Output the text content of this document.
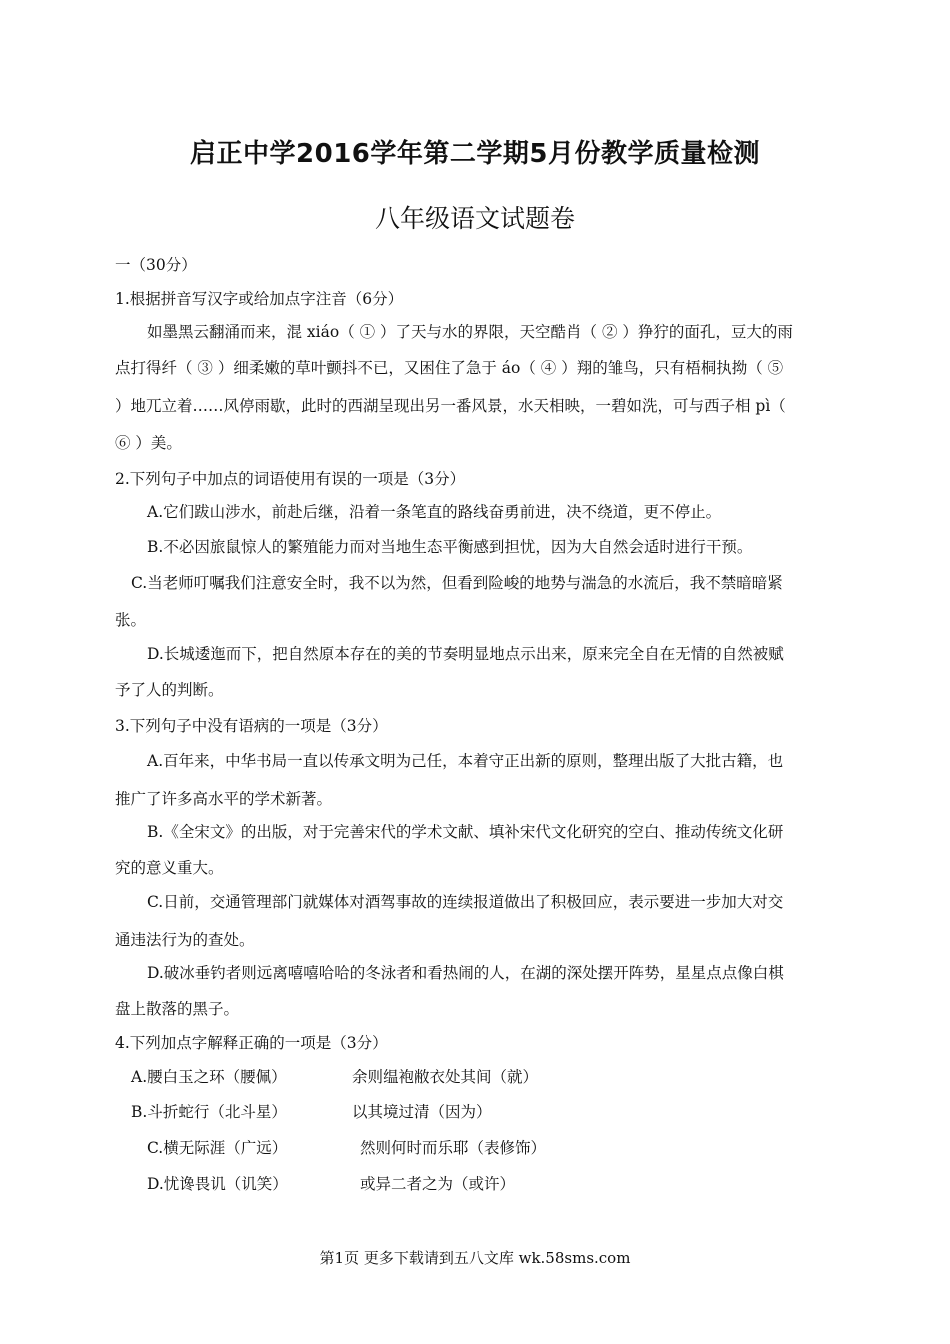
启正中学2016学年第二学期5月份教学质量检测
八年级语文试题卷
一（30分）
1.根据拼音写汉字或给加点字注音（6分）
如墨黑云翻涌而来，混 xiáo（ ① ）了天与水的界限，天空酷肖（ ② ）狰狞的面孔，豆大的雨
点打得纤（ ③ ）细柔嫩的草叶颤抖不已，又困住了急于 áo（ ④ ）翔的雏鸟，只有梧桐执拗（ ⑤
）地兀立着……风停雨歇，此时的西湖呈现出另一番风景，水天相映，一碧如洗，可与西子相 pì（
⑥ ）美。
2.下列句子中加点的词语使用有误的一项是（3分）
A.它们跋山涉水，前赴后继，沿着一条笔直的路线奋勇前进，决不绕道，更不停止。
B.不必因旅鼠惊人的繁殖能力而对当地生态平衡感到担忧，因为大自然会适时进行干预。
C.当老师叮嘱我们注意安全时，我不以为然，但看到险峻的地势与湍急的水流后，我不禁暗暗紧
张。
D.长城逶迤而下，把自然原本存在的美的节奏明显地点示出来，原来完全自在无情的自然被赋
予了人的判断。
3.下列句子中没有语病的一项是（3分）
A.百年来，中华书局一直以传承文明为己任，本着守正出新的原则，整理出版了大批古籍，也
推广了许多高水平的学术新著。
B.《全宋文》的出版，对于完善宋代的学术文献、填补宋代文化研究的空白、推动传统文化研
究的意义重大。
C.日前，交通管理部门就媒体对酒驾事故的连续报道做出了积极回应，表示要进一步加大对交
通违法行为的查处。
D.破冰垂钓者则远离嘻嘻哈哈的冬泳者和看热闹的人，在湖的深处摆开阵势，星星点点像白棋
盘上散落的黑子。
4.下列加点字解释正确的一项是（3分）
A.腰白玉之环（腰佩）	余则缊袍敝衣处其间（就）
B.斗折蛇行（北斗星）	以其境过清（因为）
C.横无际涯（广远）	然则何时而乐耶（表修饰）
D.忧谗畏讥（讥笑）	或异二者之为（或许）
第1页 更多下载请到五八文库 wk.58sms.com
